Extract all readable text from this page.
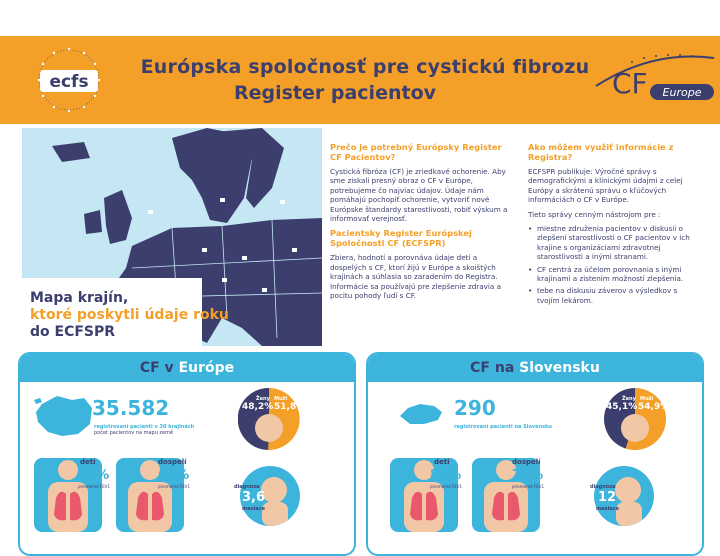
ecfs
Európska spoločnosť pre cystickú fibrozu
Register pacientov	CF Europe
Mapa krajín,
ktoré poskytli údaje roku 2014
do ECFSPR
Prečo je potrebný Európsky Register CF Pacientov?

Cystická fibróza (CF) je zriedkavé ochorenie. Aby sme získali presný obraz o CF v Európe, potrebujeme čo najviac údajov. Údaje nám pomáhajú pochopiť ochorenie, vytvoriť nové Európske štandardy starostlivosti, robiť výskum a informovať verejnosť.

Pacientsky Register Európskej Spoločnosti CF (ECFSPR)

Zbiera, hodnotí a porovnáva údaje detí a dospelých s CF, ktorí žijú v Európe a skoištých krajinách a súhlasia so zaradením do Registra. Informácie sa používajú pre zlepšenie zdravia a pocitu pohody ľudí s CF.

Ako môžem využiť informácie z Registra?

ECFSPR publikuje: Výročné správy s demografickými a klinickými údajmi z celej Európy a skrátenú správu o kľúčových informáciách o CF v Európe.

Tieto správy cenným nástrojom pre :

• miestne združenia pacientov v diskusii o zlepšení starostlivosti o CF pacientov v ich krajine s organizáciami zdravotnej starostlivosti a inými stranami.
• CF centrá za účelom porovnania s inými krajinami a zistením možností zlepšenia.
• tebe na diskusiu záverov a výsledkov s tvojím lekárom.
CF v Európe
35.582
registrovaní pacienti v 30 krajinách
počet pacientov na mapu země
Ženy Muži
48,2% 51,8%
deti
90%
priemerné FEV1
dospelí
68%
priemerné FEV1	diagnóza
3,6
mesiace
CF na Slovensku
290
registrovaní pacienti na Slovensku
Ženy Muži
45,1% 54,9%
deti
87%
priemerné FEV1
dospelí
72%
priemerné FEV1	diagnóza
12
mesiace
